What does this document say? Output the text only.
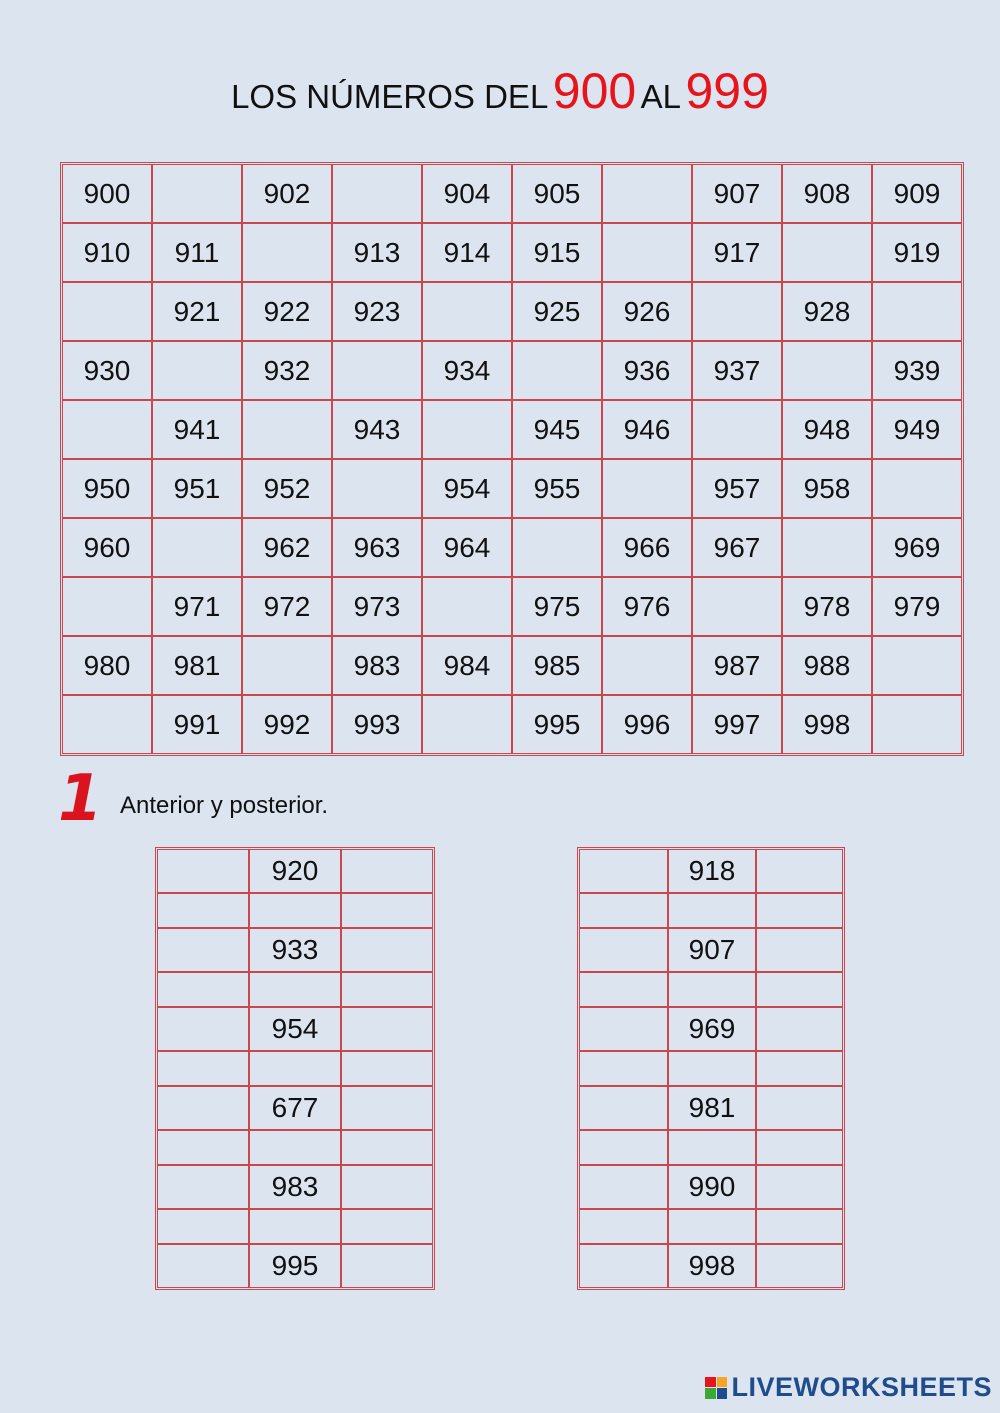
LOS NÚMEROS DEL 900 AL 999
900		902		904	905		907	908	909
910	911		913	914	915		917		919
	921	922	923		925	926		928	
930		932		934		936	937		939
	941		943		945	946		948	949
950	951	952		954	955		957	958	
960		962	963	964		966	967		969
	971	972	973		975	976		978	979
980	981		983	984	985		987	988	
	991	992	993		995	996	997	998	
1 Anterior y posterior.
	920	

	933	

	954	

	677	

	983	

	995	
	918	

	907	

	969	

	981	

	990	

	998	
LIVEWORKSHEETS
